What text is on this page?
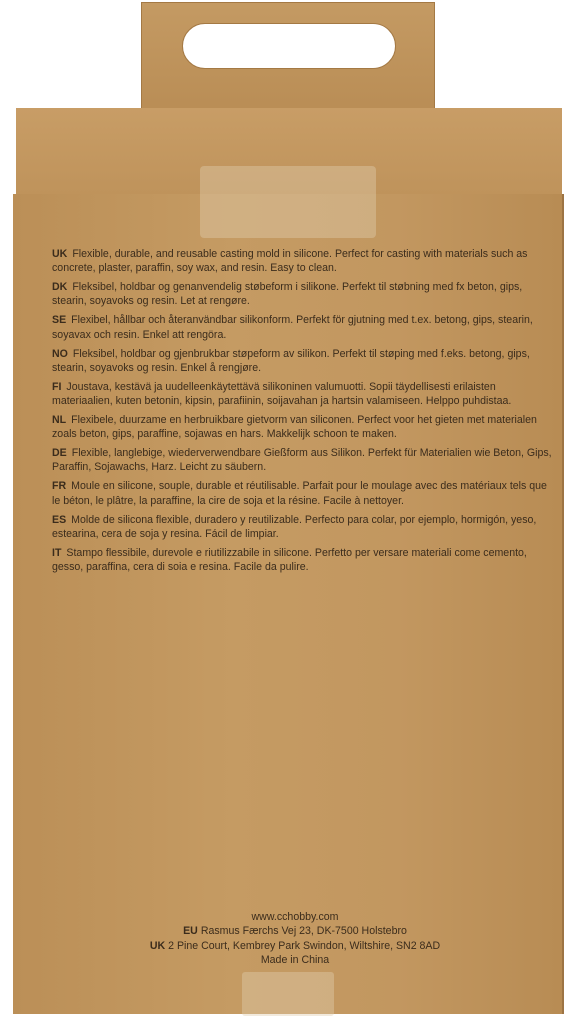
UK Flexible, durable, and reusable casting mold in silicone. Perfect for casting with materials such as concrete, plaster, paraffin, soy wax, and resin. Easy to clean.

DK Fleksibel, holdbar og genanvendelig støbeform i silikone. Perfekt til støbning med fx beton, gips, stearin, soyavoks og resin. Let at rengøre.

SE Flexibel, hållbar och återanvändbar silikonform. Perfekt för gjutning med t.ex. betong, gips, stearin, soyavax och resin. Enkel att rengöra.

NO Fleksibel, holdbar og gjenbrukbar støpeform av silikon. Perfekt til støping med f.eks. betong, gips, stearin, soyavoks og resin. Enkel å rengjøre.

FI Joustava, kestävä ja uudelleenkäytettävä silikoninen valumuotti. Sopii täydellisesti erilaisten materiaalien, kuten betonin, kipsin, parafiinin, soijavahan ja hartsin valamiseen. Helppo puhdistaa.

NL Flexibele, duurzame en herbruikbare gietvorm van siliconen. Perfect voor het gieten met materialen zoals beton, gips, paraffine, sojawas en hars. Makkelijk schoon te maken.

DE Flexible, langlebige, wiederverwendbare Gießform aus Silikon. Perfekt für Materialien wie Beton, Gips, Paraffin, Sojawachs, Harz. Leicht zu säubern.

FR Moule en silicone, souple, durable et réutilisable. Parfait pour le moulage avec des matériaux tels que le béton, le plâtre, la paraffine, la cire de soja et la résine. Facile à nettoyer.

ES Molde de silicona flexible, duradero y reutilizable. Perfecto para colar, por ejemplo, hormigón, yeso, estearina, cera de soja y resina. Fácil de limpiar.

IT Stampo flessibile, durevole e riutilizzabile in silicone. Perfetto per versare materiali come cemento, gesso, paraffina, cera di soia e resina. Facile da pulire.

www.cchobby.com
EU Rasmus Færchs Vej 23, DK-7500 Holstebro
UK 2 Pine Court, Kembrey Park Swindon, Wiltshire, SN2 8AD
Made in China
